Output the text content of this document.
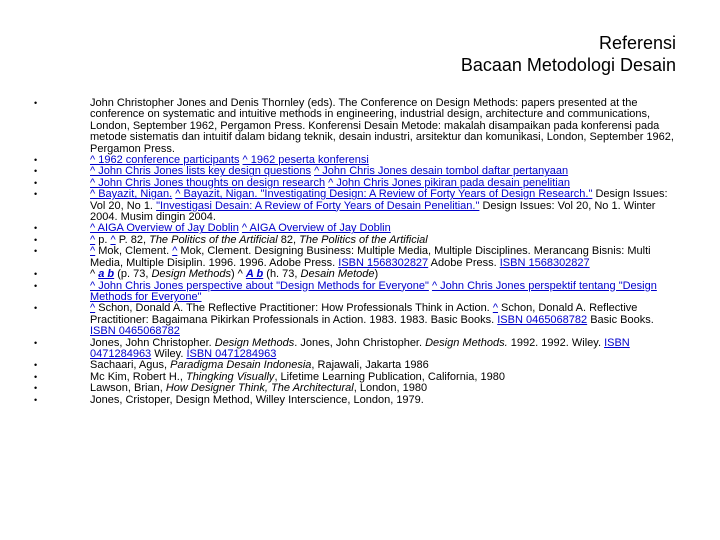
Referensi
Bacaan Metodologi Desain
•	John Christopher Jones and Denis Thornley (eds). The Conference on Design Methods: papers presented at the conference on systematic and intuitive methods in engineering, industrial design, architecture and communications, London, September 1962, Pergamon Press. Konferensi Desain Metode: makalah disampaikan pada konferensi pada metode sistematis dan intuitif dalam bidang teknik, desain industri, arsitektur dan komunikasi, London, September 1962, Pergamon Press.
•	^ 1962 conference participants ^ 1962 peserta konferensi
•	^ John Chris Jones lists key design questions ^ John Chris Jones desain tombol daftar pertanyaan
•	^ John Chris Jones thoughts on design research ^ John Chris Jones pikiran pada desain penelitian
•	^ Bayazit, Nigan. ^ Bayazit, Nigan. "Investigating Design: A Review of Forty Years of Design Research." Design Issues: Vol 20, No 1. "Investigasi Desain: A Review of Forty Years of Desain Penelitian." Design Issues: Vol 20, No 1. Winter 2004. Musim dingin 2004.
•	^ AIGA Overview of Jay Doblin ^ AIGA Overview of Jay Doblin
•	^ p. ^ P. 82, The Politics of the Artificial 82, The Politics of the Artificial
•	^ Mok, Clement. ^ Mok, Clement. Designing Business: Multiple Media, Multiple Disciplines. Merancang Bisnis: Multi Media, Multiple Disiplin. 1996. 1996. Adobe Press. ISBN 1568302827 Adobe Press. ISBN 1568302827
•	^ a b (p. 73, Design Methods) ^ A b (h. 73, Desain Metode)
•	^ John Chris Jones perspective about "Design Methods for Everyone" ^ John Chris Jones perspektif tentang "Design Methods for Everyone"
•	^ Schon, Donald A. The Reflective Practitioner: How Professionals Think in Action. ^ Schon, Donald A. Reflective Practitioner: Bagaimana Pikirkan Professionals in Action. 1983. 1983. Basic Books. ISBN 0465068782 Basic Books. ISBN 0465068782
•	Jones, John Christopher. Design Methods. Jones, John Christopher. Design Methods. 1992. 1992. Wiley. ISBN 0471284963 Wiley. ISBN 0471284963
•	Sachaari, Agus, Paradigma Desain Indonesia, Rajawali, Jakarta 1986
•	Mc Kim, Robert H., Thingking Visually, Lifetime Learning Publication, California, 1980
•	Lawson, Brian, How Designer Think, The Architectural, London, 1980
•	Jones, Cristoper, Design Method, Willey Interscience, London, 1979.
